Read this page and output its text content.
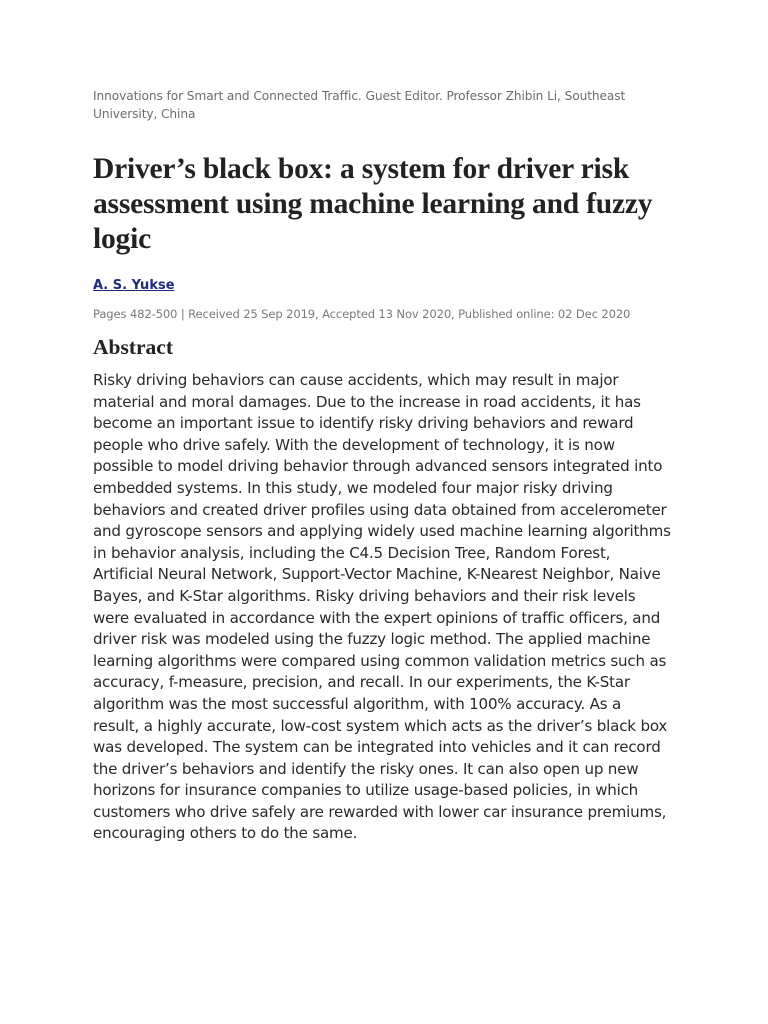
Innovations for Smart and Connected Traffic. Guest Editor. Professor Zhibin Li, Southeast University, China
Driver’s black box: a system for driver risk assessment using machine learning and fuzzy logic
A. S. Yukse
Pages 482-500 | Received 25 Sep 2019, Accepted 13 Nov 2020, Published online: 02 Dec 2020
Abstract

Risky driving behaviors can cause accidents, which may result in major material and moral damages. Due to the increase in road accidents, it has become an important issue to identify risky driving behaviors and reward people who drive safely. With the development of technology, it is now possible to model driving behavior through advanced sensors integrated into embedded systems. In this study, we modeled four major risky driving behaviors and created driver profiles using data obtained from accelerometer and gyroscope sensors and applying widely used machine learning algorithms in behavior analysis, including the C4.5 Decision Tree, Random Forest, Artificial Neural Network, Support-Vector Machine, K-Nearest Neighbor, Naive Bayes, and K-Star algorithms. Risky driving behaviors and their risk levels were evaluated in accordance with the expert opinions of traffic officers, and driver risk was modeled using the fuzzy logic method. The applied machine learning algorithms were compared using common validation metrics such as accuracy, f-measure, precision, and recall. In our experiments, the K-Star algorithm was the most successful algorithm, with 100% accuracy. As a result, a highly accurate, low-cost system which acts as the driver’s black box was developed. The system can be integrated into vehicles and it can record the driver’s behaviors and identify the risky ones. It can also open up new horizons for insurance companies to utilize usage-based policies, in which customers who drive safely are rewarded with lower car insurance premiums, encouraging others to do the same.
